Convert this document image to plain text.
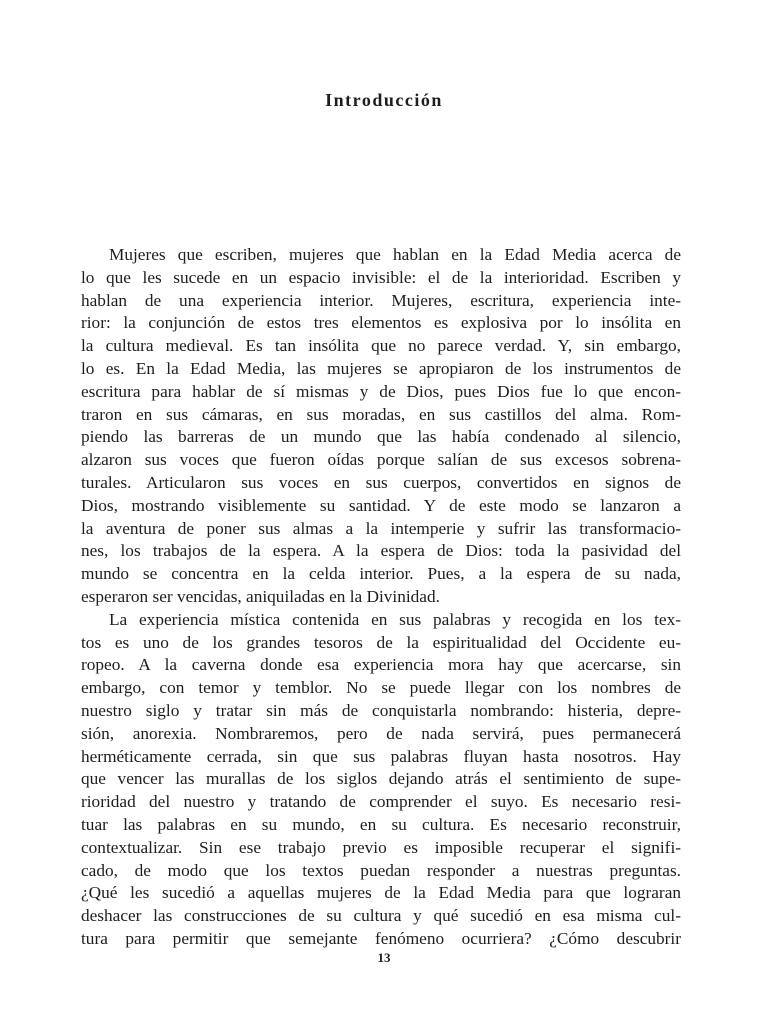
Introducción
Mujeres que escriben, mujeres que hablan en la Edad Media acerca de
lo que les sucede en un espacio invisible: el de la interioridad. Escriben y
hablan de una experiencia interior. Mujeres, escritura, experiencia inte-
rior: la conjunción de estos tres elementos es explosiva por lo insólita en
la cultura medieval. Es tan insólita que no parece verdad. Y, sin embargo,
lo es. En la Edad Media, las mujeres se apropiaron de los instrumentos de
escritura para hablar de sí mismas y de Dios, pues Dios fue lo que encon-
traron en sus cámaras, en sus moradas, en sus castillos del alma. Rom-
piendo las barreras de un mundo que las había condenado al silencio,
alzaron sus voces que fueron oídas porque salían de sus excesos sobrena-
turales. Articularon sus voces en sus cuerpos, convertidos en signos de
Dios, mostrando visiblemente su santidad. Y de este modo se lanzaron a
la aventura de poner sus almas a la intemperie y sufrir las transformacio-
nes, los trabajos de la espera. A la espera de Dios: toda la pasividad del
mundo se concentra en la celda interior. Pues, a la espera de su nada,
esperaron ser vencidas, aniquiladas en la Divinidad.
La experiencia mística contenida en sus palabras y recogida en los tex-
tos es uno de los grandes tesoros de la espiritualidad del Occidente eu-
ropeo. A la caverna donde esa experiencia mora hay que acercarse, sin
embargo, con temor y temblor. No se puede llegar con los nombres de
nuestro siglo y tratar sin más de conquistarla nombrando: histeria, depre-
sión, anorexia. Nombraremos, pero de nada servirá, pues permanecerá
herméticamente cerrada, sin que sus palabras fluyan hasta nosotros. Hay
que vencer las murallas de los siglos dejando atrás el sentimiento de supe-
rioridad del nuestro y tratando de comprender el suyo. Es necesario resi-
tuar las palabras en su mundo, en su cultura. Es necesario reconstruir,
contextualizar. Sin ese trabajo previo es imposible recuperar el signifi-
cado, de modo que los textos puedan responder a nuestras preguntas.
¿Qué les sucedió a aquellas mujeres de la Edad Media para que lograran
deshacer las construcciones de su cultura y qué sucedió en esa misma cul-
tura para permitir que semejante fenómeno ocurriera? ¿Cómo descubrir
13
